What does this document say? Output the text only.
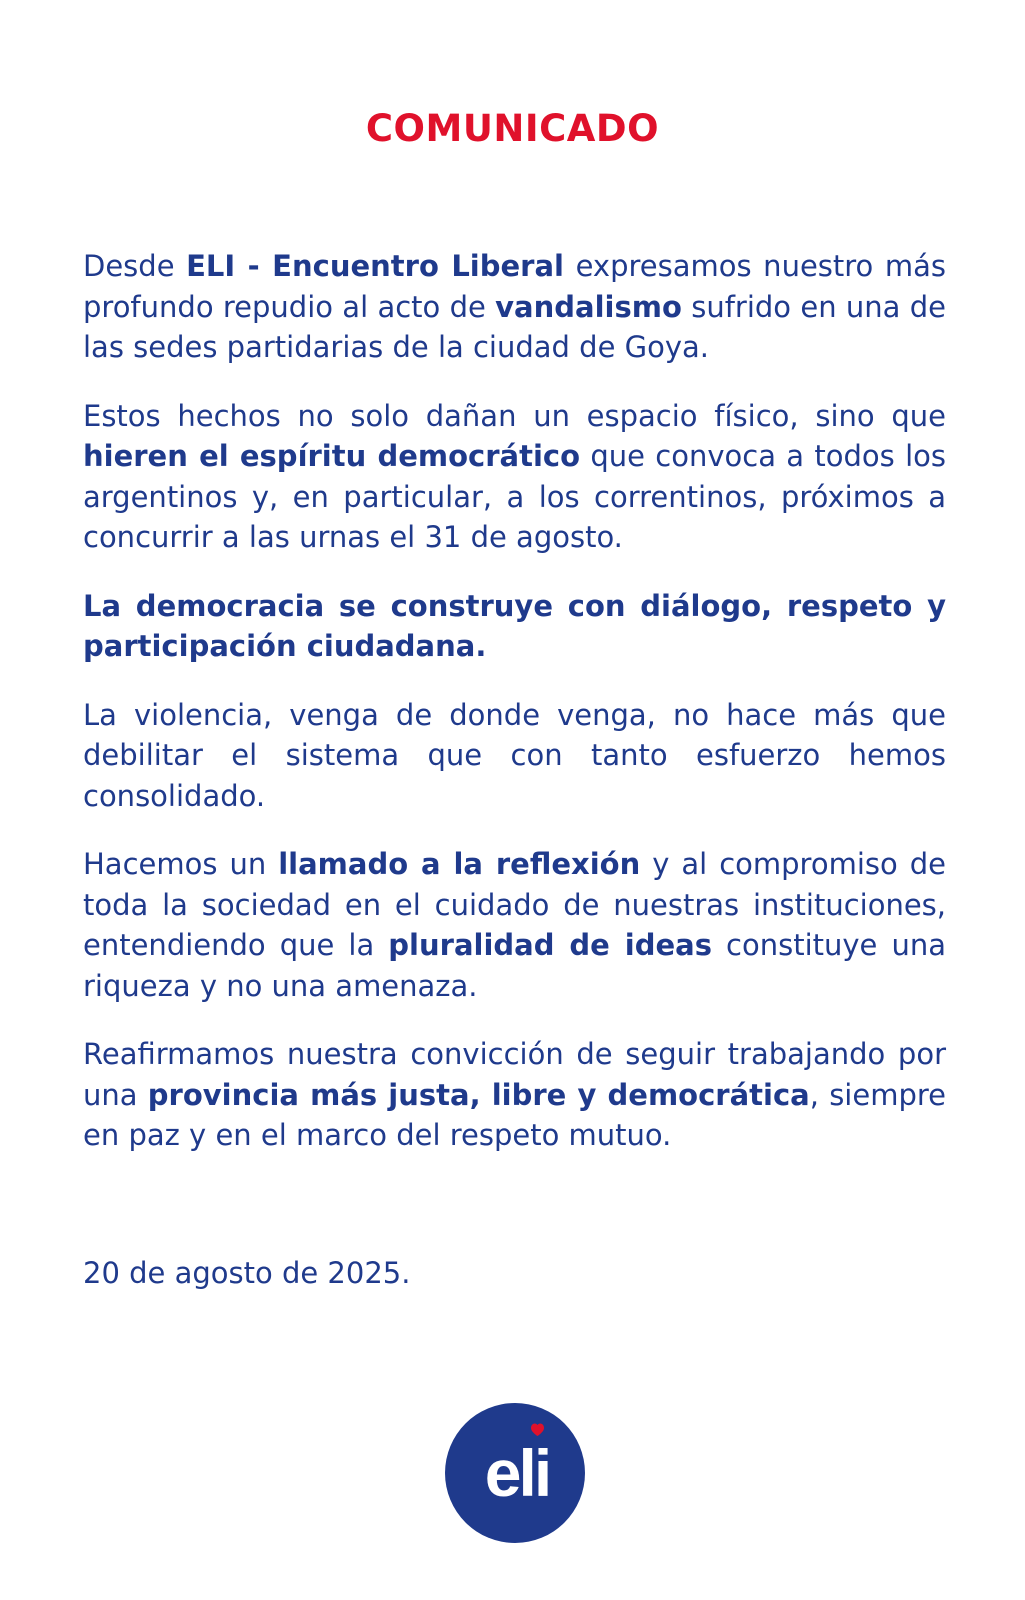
COMUNICADO

Desde ELI - Encuentro Liberal expresamos nuestro más profundo repudio al acto de vandalismo sufrido en una de las sedes partidarias de la ciudad de Goya.

Estos hechos no solo dañan un espacio físico, sino que hieren el espíritu democrático que convoca a todos los argentinos y, en particular, a los correntinos, próximos a concurrir a las urnas el 31 de agosto.

La democracia se construye con diálogo, respeto y participación ciudadana.

La violencia, venga de donde venga, no hace más que debilitar el sistema que con tanto esfuerzo hemos consolidado.

Hacemos un llamado a la reflexión y al compromiso de toda la sociedad en el cuidado de nuestras instituciones, entendiendo que la pluralidad de ideas constituye una riqueza y no una amenaza.

Reafirmamos nuestra convicción de seguir trabajando por una provincia más justa, libre y democrática, siempre en paz y en el marco del respeto mutuo.

20 de agosto de 2025.
eli
